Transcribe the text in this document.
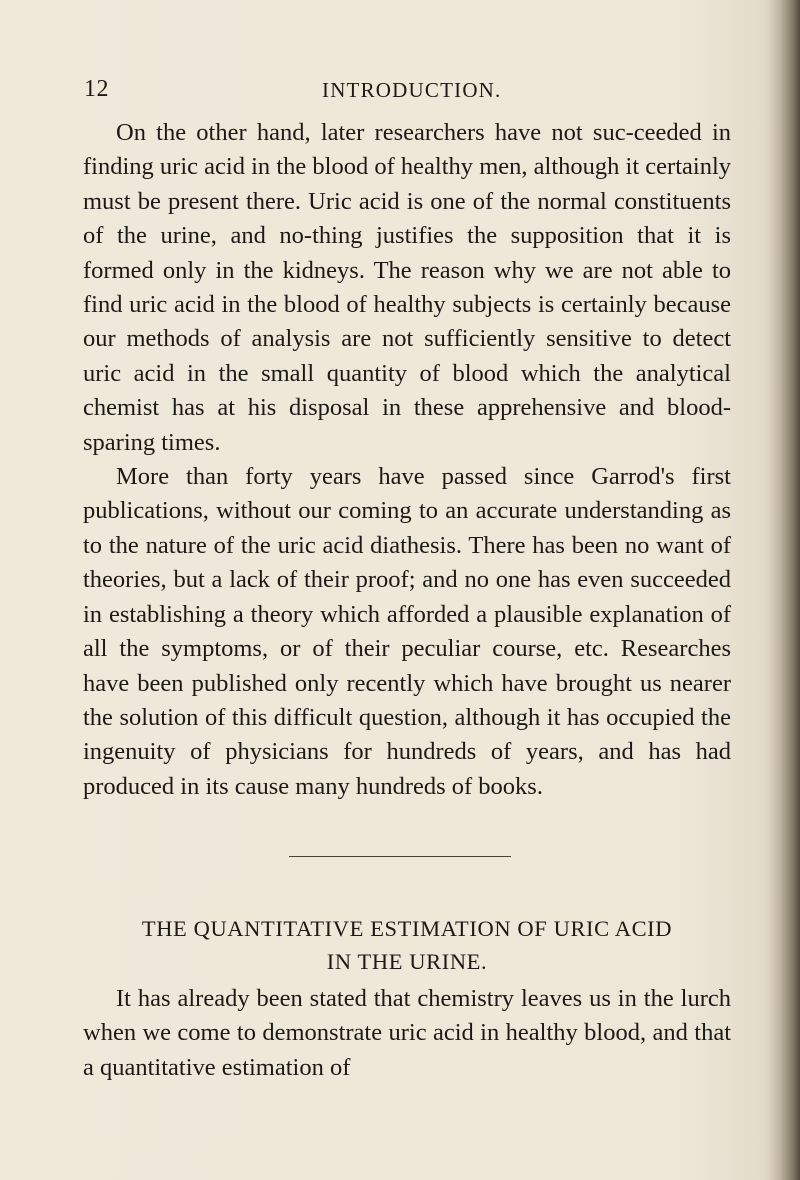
12	INTRODUCTION.

On the other hand, later researchers have not suc-ceeded in finding uric acid in the blood of healthy men, although it certainly must be present there. Uric acid is one of the normal constituents of the urine, and no-thing justifies the supposition that it is formed only in the kidneys. The reason why we are not able to find uric acid in the blood of healthy subjects is certainly because our methods of analysis are not sufficiently sensitive to detect uric acid in the small quantity of blood which the analytical chemist has at his disposal in these apprehensive and blood-sparing times.

More than forty years have passed since Garrod's first publications, without our coming to an accurate understanding as to the nature of the uric acid diathesis. There has been no want of theories, but a lack of their proof; and no one has even succeeded in establishing a theory which afforded a plausible explanation of all the symptoms, or of their peculiar course, etc. Researches have been published only recently which have brought us nearer the solution of this difficult question, although it has occupied the ingenuity of physicians for hundreds of years, and has had produced in its cause many hundreds of books.

THE QUANTITATIVE ESTIMATION OF URIC ACID
IN THE URINE.

It has already been stated that chemistry leaves us in the lurch when we come to demonstrate uric acid in healthy blood, and that a quantitative estimation of
